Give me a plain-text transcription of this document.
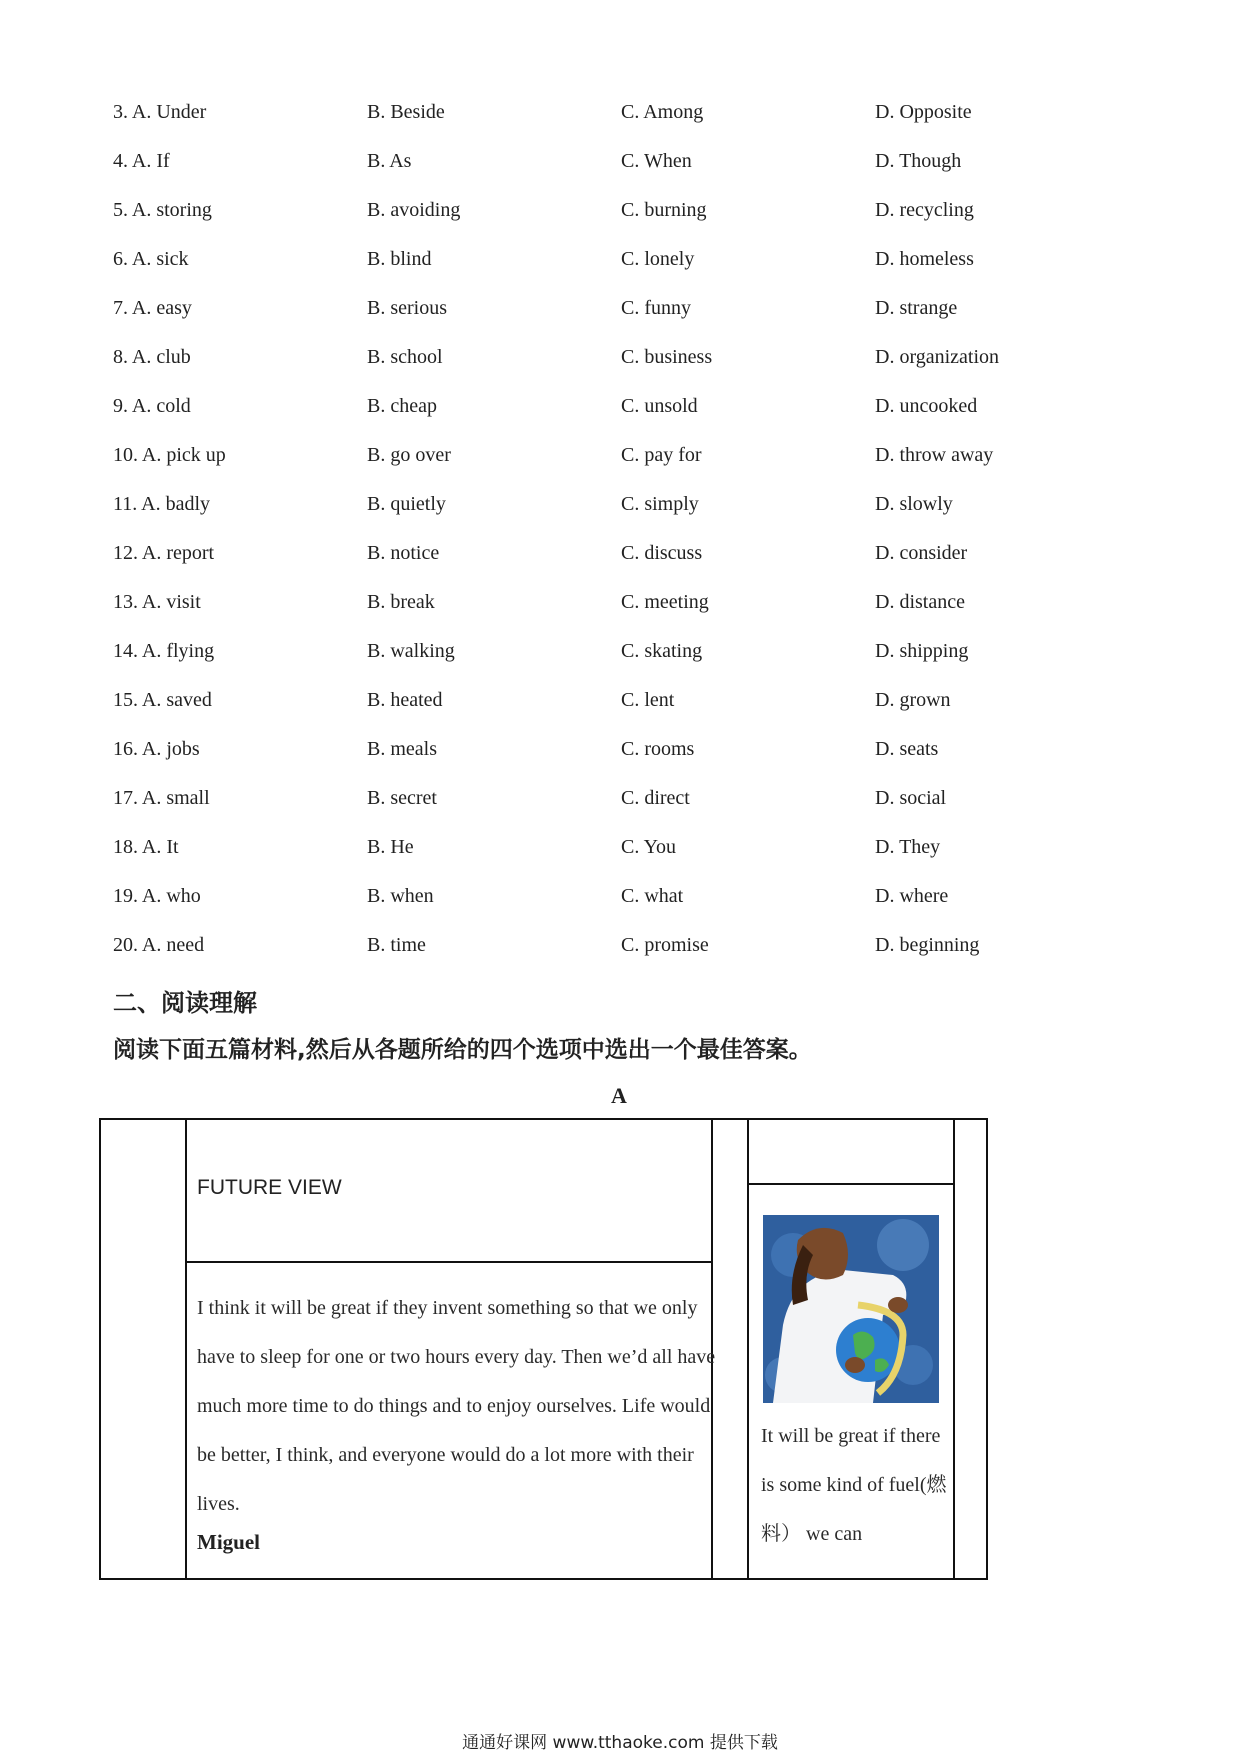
3. A. Under	B. Beside	C. Among	D. Opposite
4. A. If	B. As	C. When	D. Though
5. A. storing	B. avoiding	C. burning	D. recycling
6. A. sick	B. blind	C. lonely	D. homeless
7. A. easy	B. serious	C. funny	D. strange
8. A. club	B. school	C. business	D. organization
9. A. cold	B. cheap	C. unsold	D. uncooked
10. A. pick up	B. go over	C. pay for	D. throw away
11. A. badly	B. quietly	C. simply	D. slowly
12. A. report	B. notice	C. discuss	D. consider
13. A. visit	B. break	C. meeting	D. distance
14. A. flying	B. walking	C. skating	D. shipping
15. A. saved	B. heated	C. lent	D. grown
16. A. jobs	B. meals	C. rooms	D. seats
17. A. small	B. secret	C. direct	D. social
18. A. It	B. He	C. You	D. They
19. A. who	B. when	C. what	D. where
20. A. need	B. time	C. promise	D. beginning
二、阅读理解
阅读下面五篇材料,然后从各题所给的四个选项中选出一个最佳答案。
A
FUTURE VIEW
I think it will be great if they invent something so that we only have to sleep for one or two hours every day. Then we’d all have much more time to do things and to enjoy ourselves. Life would be better, I think, and everyone would do a lot more with their lives.
Miguel
It will be great if there is some kind of fuel(燃料） we can
通通好课网 www.tthaoke.com 提供下载
